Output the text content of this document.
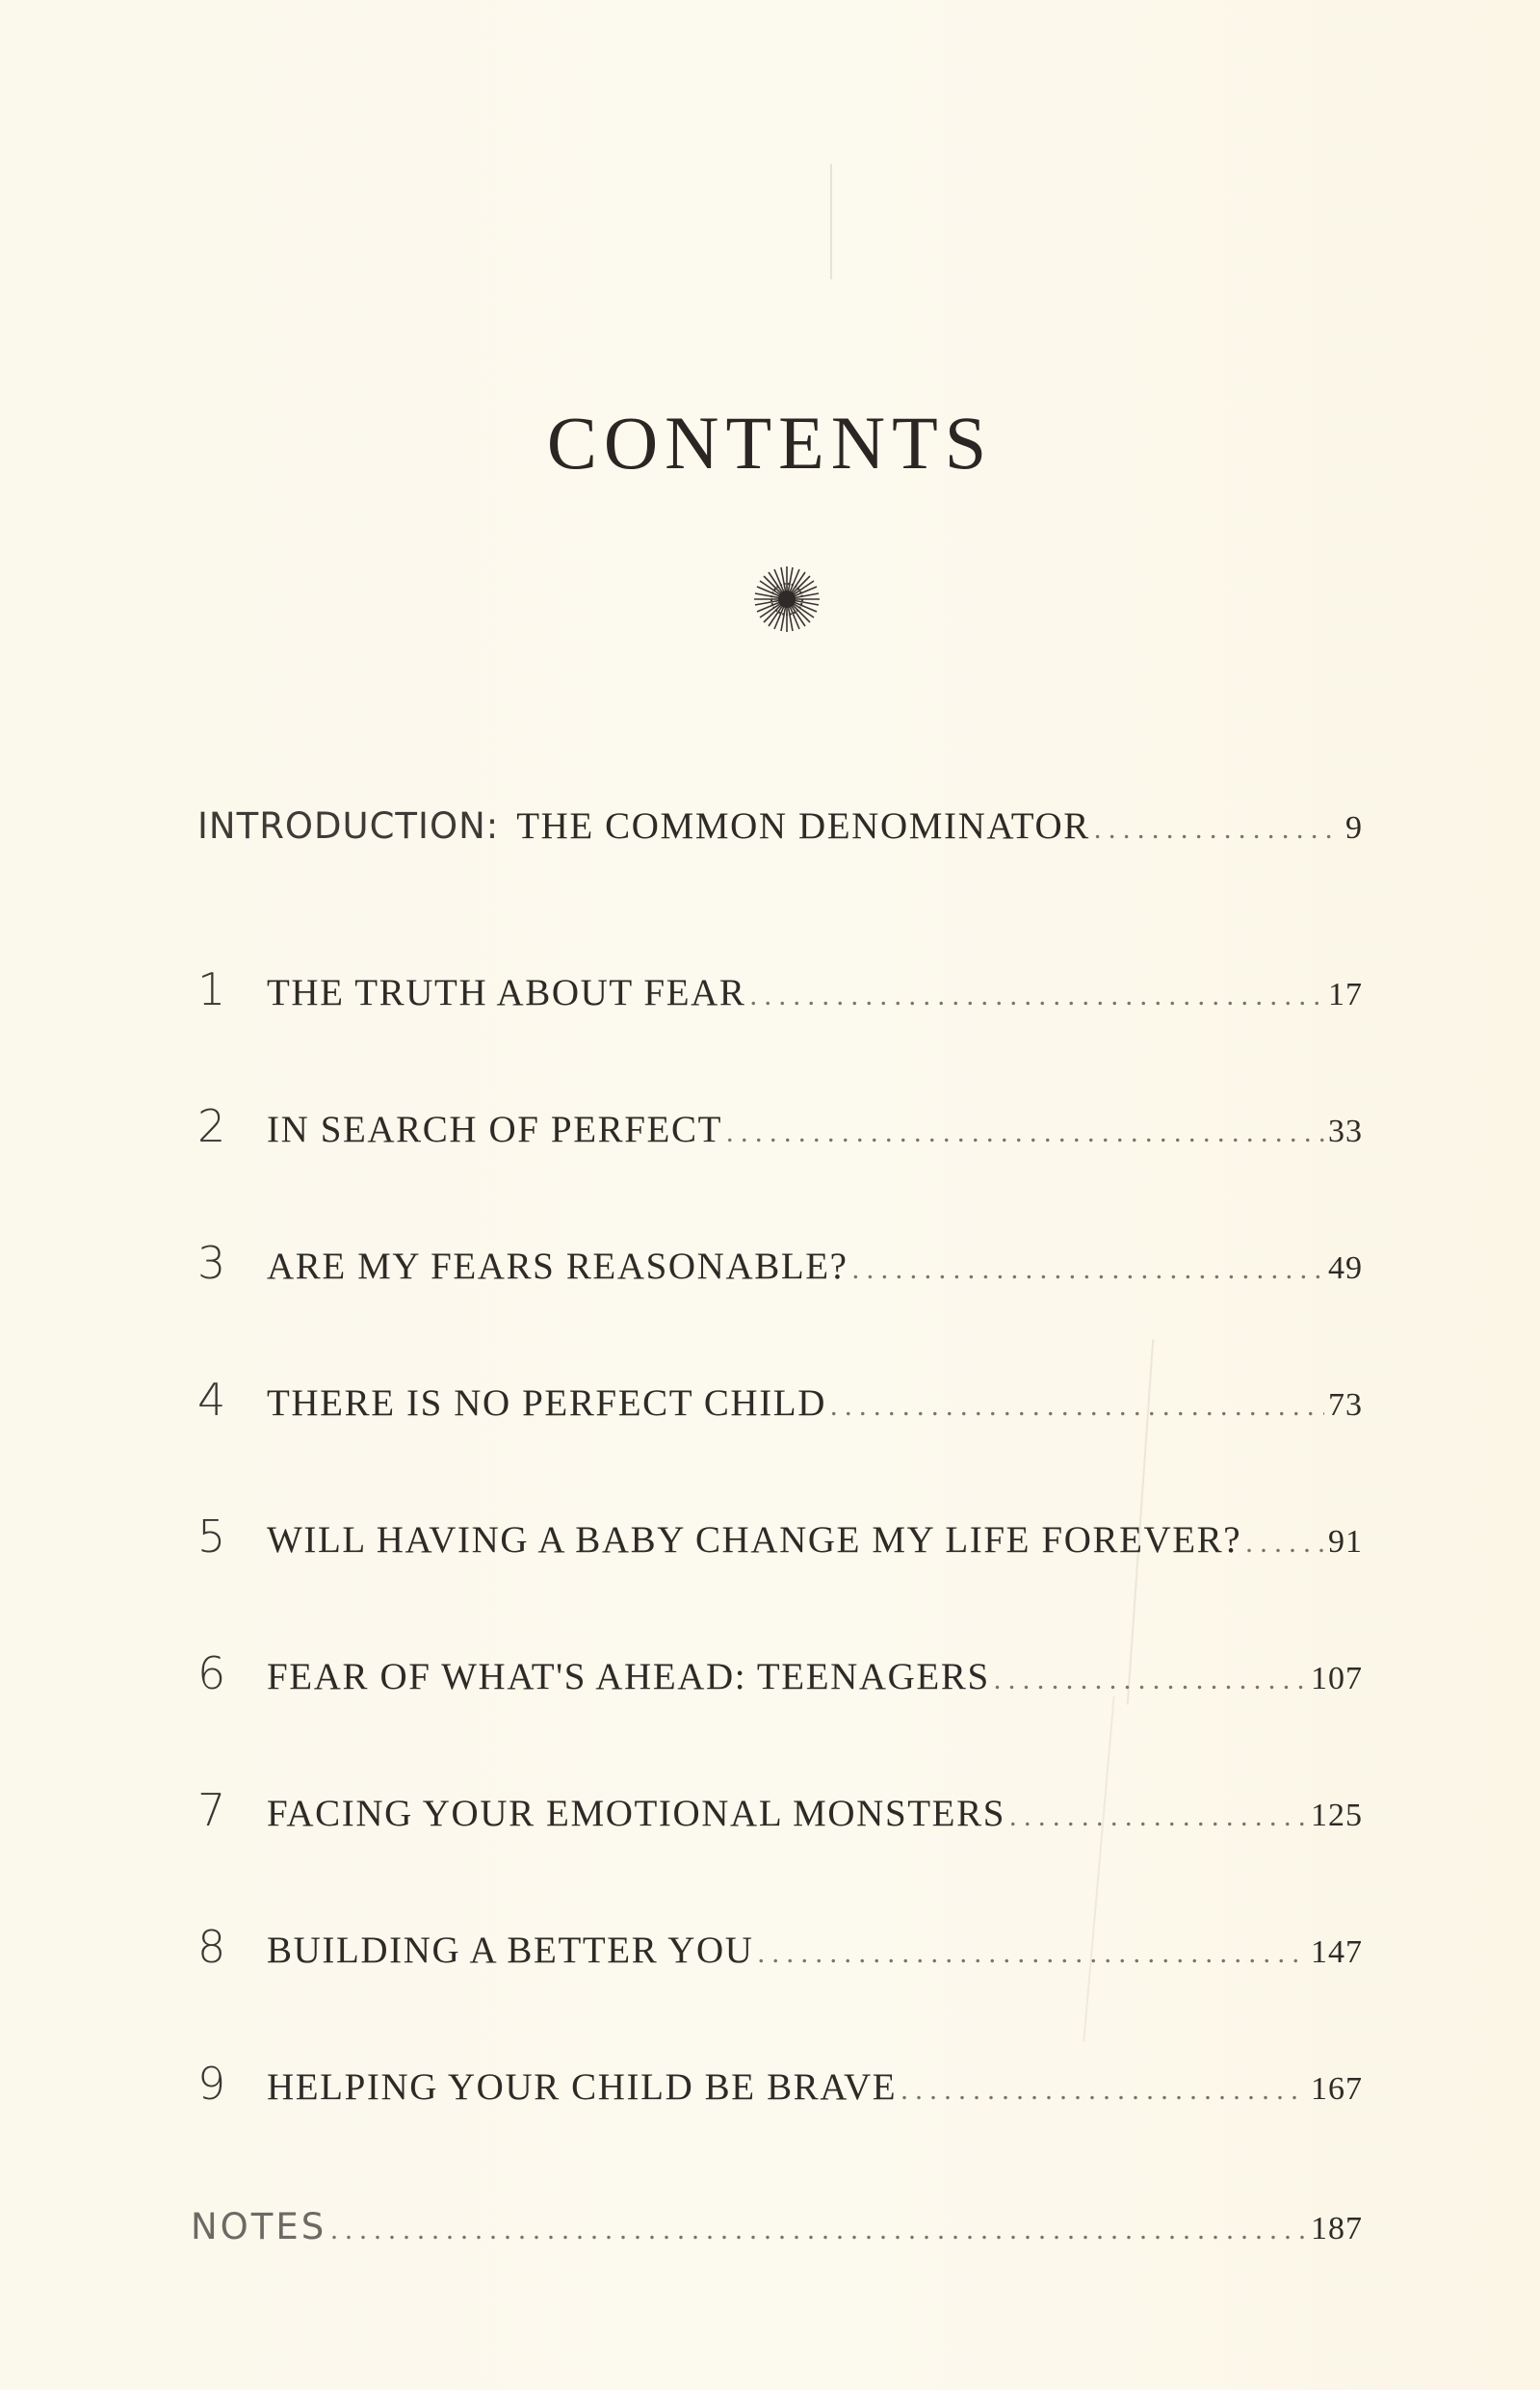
CONTENTS
INTRODUCTION: THE COMMON DENOMINATOR . . .	9
1	THE TRUTH ABOUT FEAR . . .	17
2	IN SEARCH OF PERFECT . . .	33
3	ARE MY FEARS REASONABLE? . . .	49
4	THERE IS NO PERFECT CHILD . . .	73
5	WILL HAVING A BABY CHANGE MY LIFE FOREVER? . . .	91
6	FEAR OF WHAT'S AHEAD: TEENAGERS . . .	107
7	FACING YOUR EMOTIONAL MONSTERS . . .	125
8	BUILDING A BETTER YOU . . .	147
9	HELPING YOUR CHILD BE BRAVE . . .	167
NOTES . . .	187
